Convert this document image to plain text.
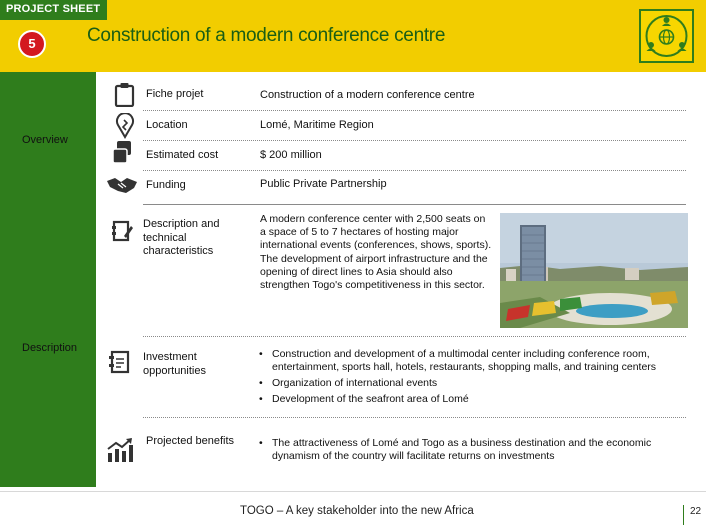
PROJECT SHEET
5	Construction of a modern conference centre
Overview
Description
Fiche projet	Construction of a modern conference centre
Location	Lomé, Maritime Region
Estimated cost	$ 200 million
Funding	Public Private Partnership
Description and technical characteristics
A modern conference center with 2,500 seats on a space of 5 to 7 hectares of hosting major international events (conferences, shows, sports). The development of airport infrastructure and the opening of direct lines to Asia should also strengthen Togo's competitiveness in this sector.
Investment opportunities
• Construction and development of a multimodal center including conference room, entertainment, sports hall, hotels, restaurants, shopping malls, and training centers
• Organization of international events
• Development of the seafront area of Lomé
Projected benefits
•	The attractiveness of Lomé and Togo as a business destination and the economic dynamism of the country will facilitate returns on investments
TOGO – A key stakeholder into the new Africa	22
